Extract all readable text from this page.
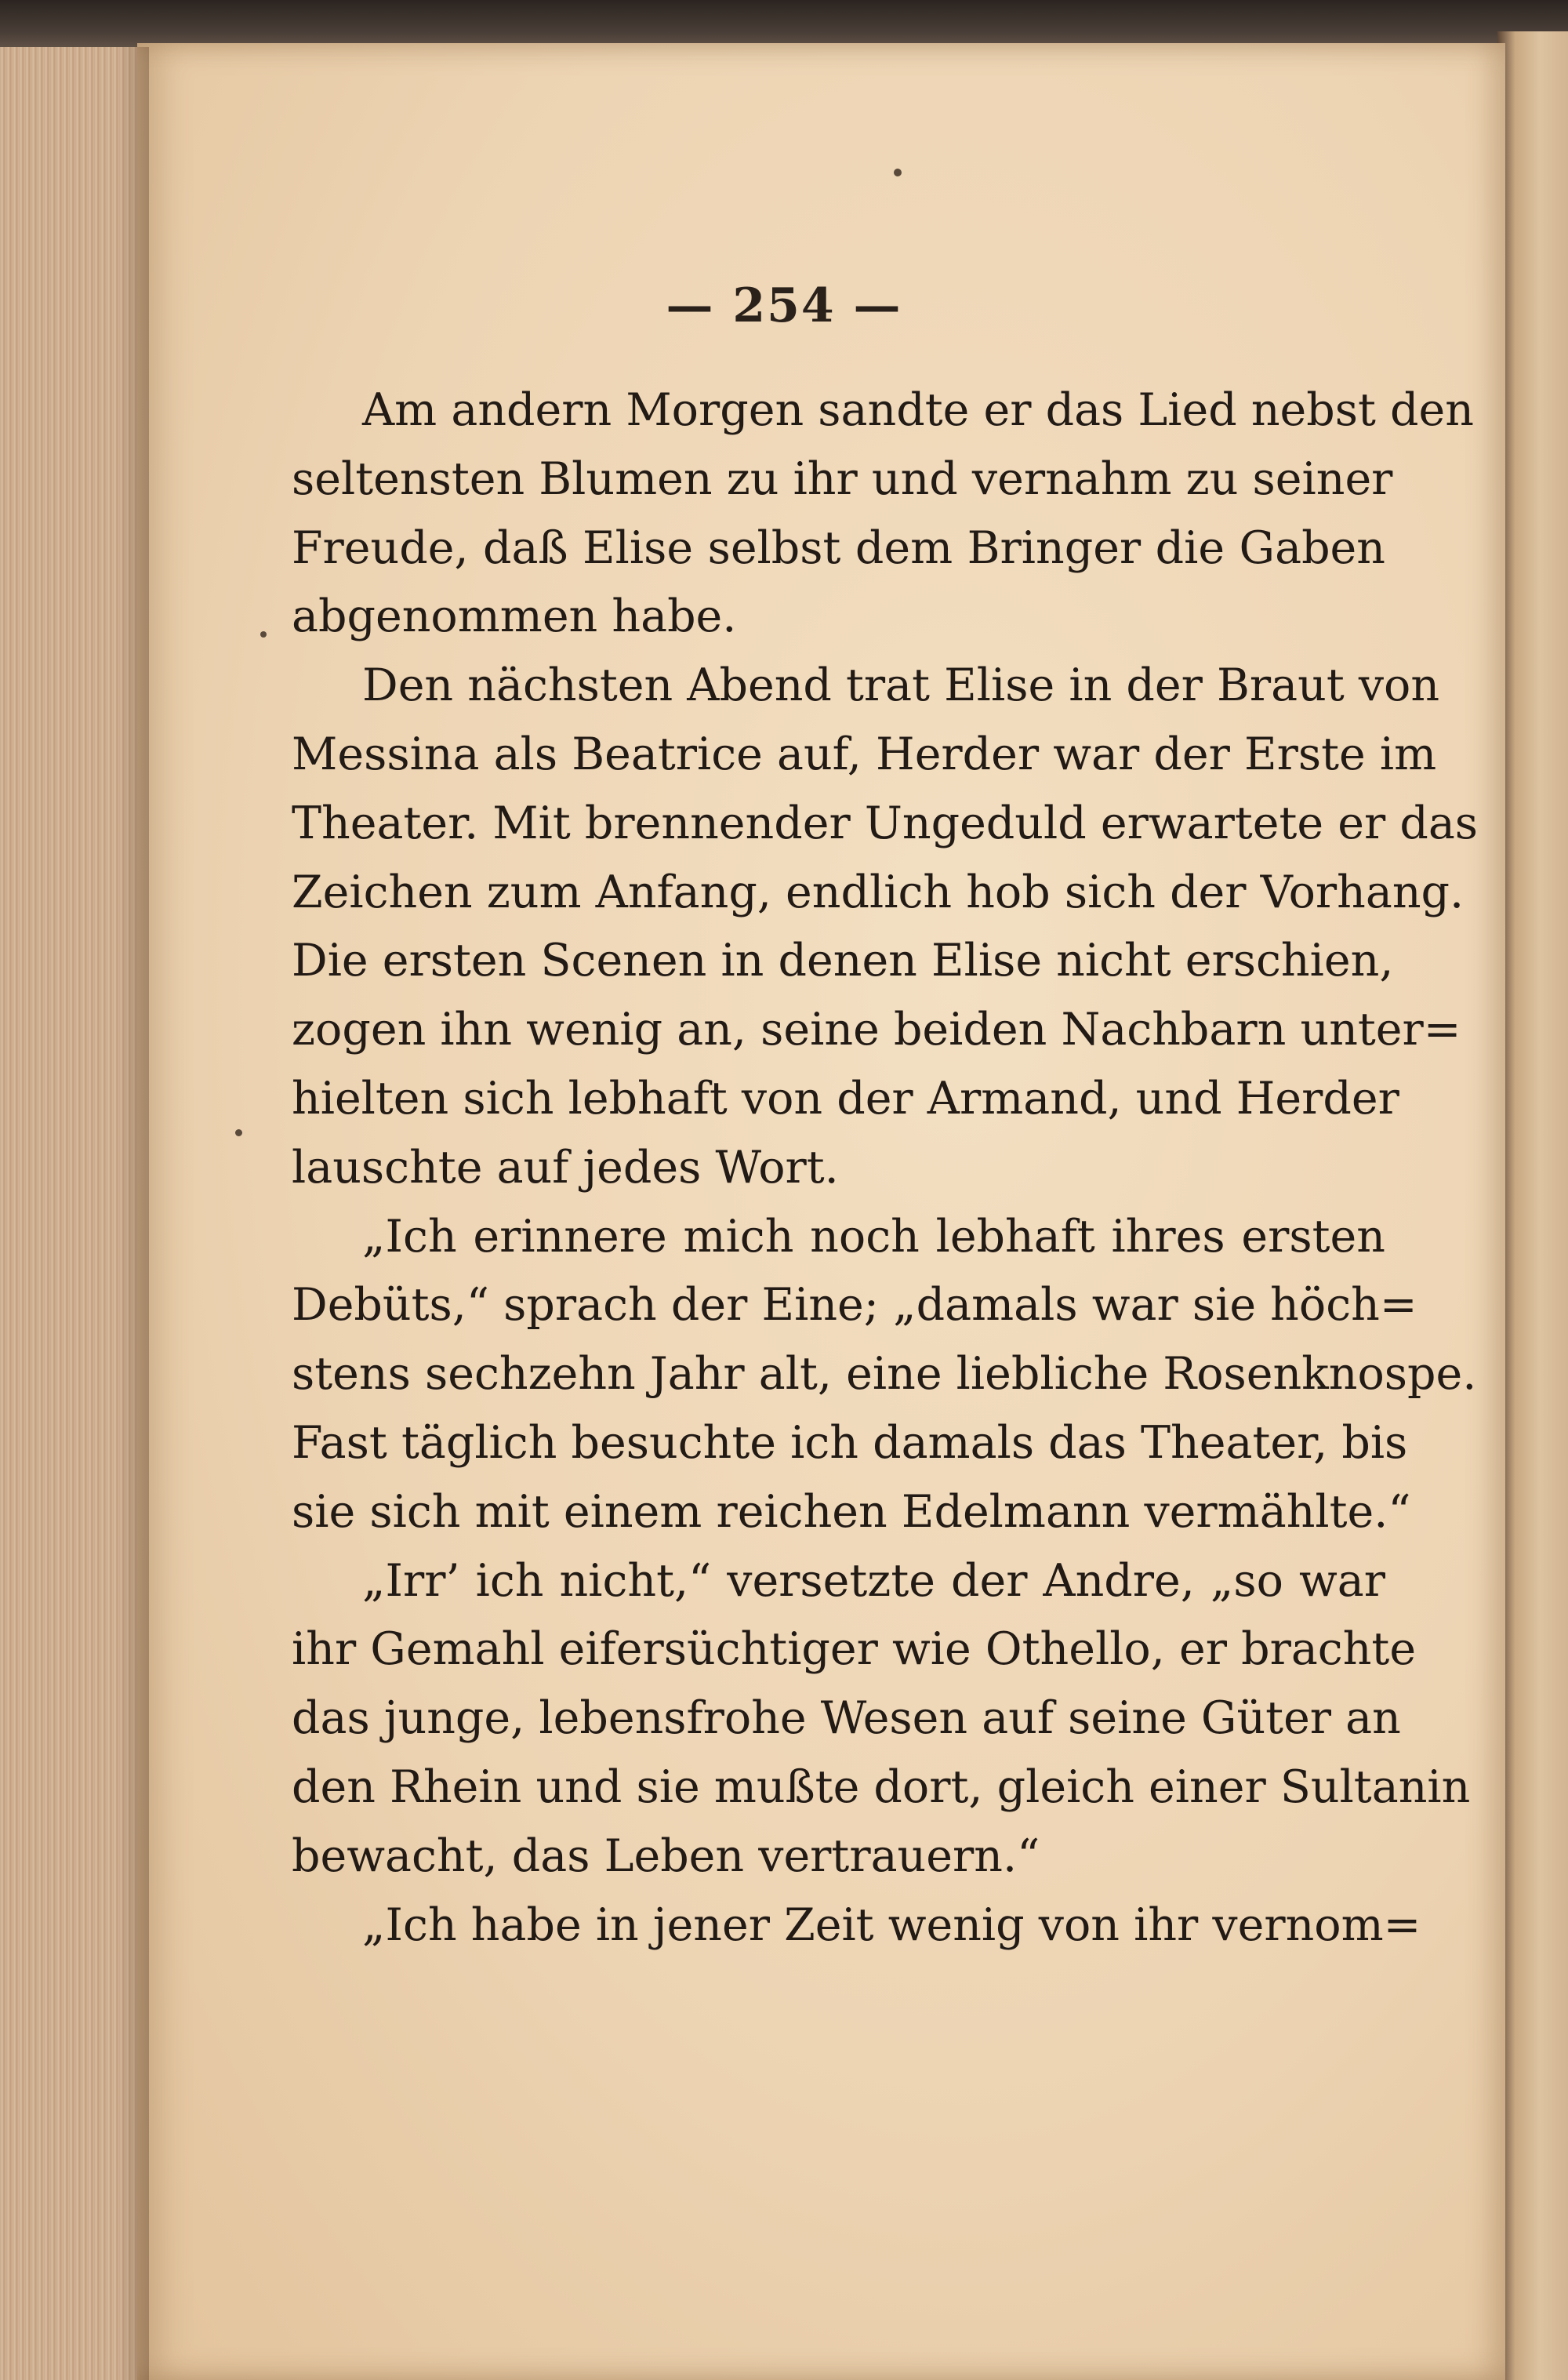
— 254 —
Am andern Morgen sandte er das Lied nebst den
seltensten Blumen zu ihr und vernahm zu seiner
Freude, daß Elise selbst dem Bringer die Gaben
abgenommen habe.
Den nächsten Abend trat Elise in der Braut von
Messina als Beatrice auf, Herder war der Erste im
Theater. Mit brennender Ungeduld erwartete er das
Zeichen zum Anfang, endlich hob sich der Vorhang.
Die ersten Scenen in denen Elise nicht erschien,
zogen ihn wenig an, seine beiden Nachbarn unter=
hielten sich lebhaft von der Armand, und Herder
lauschte auf jedes Wort.
„Ich erinnere mich noch lebhaft ihres ersten
Debüts,“ sprach der Eine; „damals war sie höch=
stens sechzehn Jahr alt, eine liebliche Rosenknospe.
Fast täglich besuchte ich damals das Theater, bis
sie sich mit einem reichen Edelmann vermählte.“
„Irr’ ich nicht,“ versetzte der Andre, „so war
ihr Gemahl eifersüchtiger wie Othello, er brachte
das junge, lebensfrohe Wesen auf seine Güter an
den Rhein und sie mußte dort, gleich einer Sultanin
bewacht, das Leben vertrauern.“
„Ich habe in jener Zeit wenig von ihr vernom=
